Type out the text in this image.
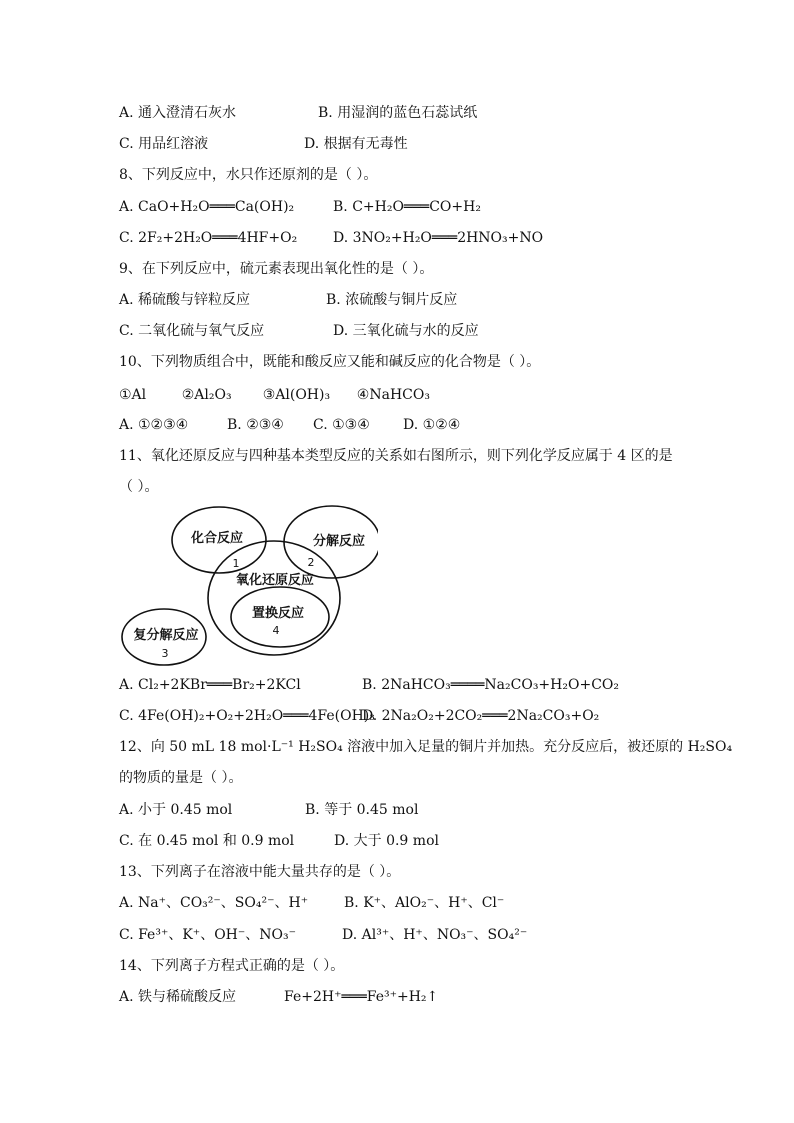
A. 通入澄清石灰水	B. 用湿润的蓝色石蕊试纸
C. 用品红溶液	D. 根据有无毒性
8、下列反应中，水只作还原剂的是（ ）。
A. CaO+H₂O═══Ca(OH)₂	B. C+H₂O═══CO+H₂
C. 2F₂+2H₂O═══4HF+O₂	D. 3NO₂+H₂O═══2HNO₃+NO
9、在下列反应中，硫元素表现出氧化性的是（ ）。
A. 稀硫酸与锌粒反应	B. 浓硫酸与铜片反应
C. 二氧化硫与氧气反应	D. 三氧化硫与水的反应
10、下列物质组合中，既能和酸反应又能和碱反应的化合物是（ ）。
①Al        ②Al₂O₃       ③Al(OH)₃      ④NaHCO₃
A. ①②③④	B. ②③④ C. ①③④ D. ①②④
11、氧化还原反应与四种基本类型反应的关系如右图所示，则下列化学反应属于 4 区的是
（ ）。
化合反应
1
分解反应
2
氧化还原反应
置换反应
4
复分解反应
3
A. Cl₂+2KBr═══Br₂+2KCl	B. 2NaHCO₃════Na₂CO₃+H₂O+CO₂
C. 4Fe(OH)₂+O₂+2H₂O═══4Fe(OH)₃
D. 2Na₂O₂+2CO₂═══2Na₂CO₃+O₂
12、向 50 mL 18 mol·L⁻¹ H₂SO₄ 溶液中加入足量的铜片并加热。充分反应后，被还原的 H₂SO₄
的物质的量是（ ）。
A. 小于 0.45 mol	B. 等于 0.45 mol
C. 在 0.45 mol 和 0.9 mol	D. 大于 0.9 mol
13、下列离子在溶液中能大量共存的是（ ）。
A. Na⁺、CO₃²⁻、SO₄²⁻、H⁺	B. K⁺、AlO₂⁻、H⁺、Cl⁻
C. Fe³⁺、K⁺、OH⁻、NO₃⁻	D. Al³⁺、H⁺、NO₃⁻、SO₄²⁻
14、下列离子方程式正确的是（ ）。
A. 铁与稀硫酸反应	Fe+2H⁺═══Fe³⁺+H₂↑
